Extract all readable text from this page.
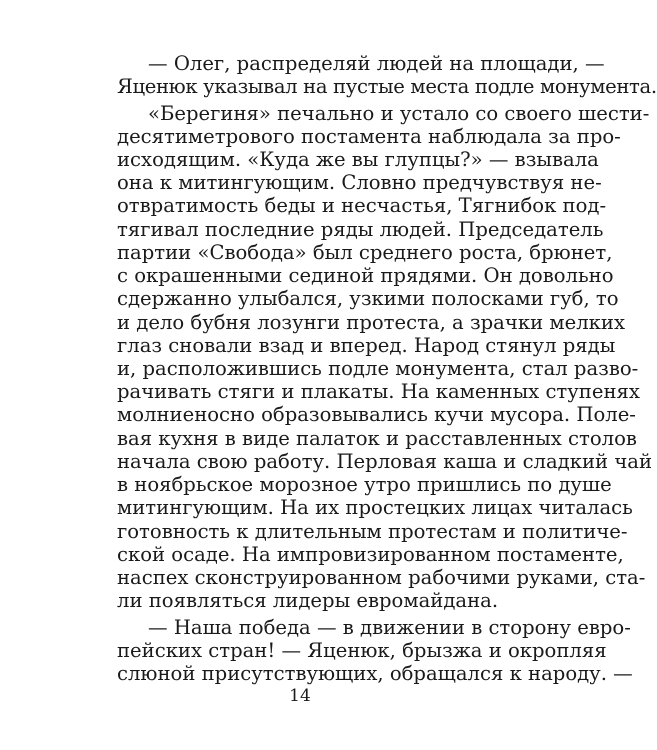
— Олег, распределяй людей на площади, —
Яценюк указывал на пустые места подле монумента.
«Берегиня» печально и устало со своего шести-
десятиметрового постамента наблюдала за про-
исходящим. «Куда же вы глупцы?» — взывала
она к митингующим. Словно предчувствуя не-
отвратимость беды и несчастья, Тягнибок под-
тягивал последние ряды людей. Председатель
партии «Свобода» был среднего роста, брюнет,
с окрашенными сединой прядями. Он довольно
сдержанно улыбался, узкими полосками губ, то
и дело бубня лозунги протеста, а зрачки мелких
глаз сновали взад и вперед. Народ стянул ряды
и, расположившись подле монумента, стал разво-
рачивать стяги и плакаты. На каменных ступенях
молниеносно образовывались кучи мусора. Поле-
вая кухня в виде палаток и расставленных столов
начала свою работу. Перловая каша и сладкий чай
в ноябрьское морозное утро пришлись по душе
митингующим. На их простецких лицах читалась
готовность к длительным протестам и политиче-
ской осаде. На импровизированном постаменте,
наспех сконструированном рабочими руками, ста-
ли появляться лидеры евромайдана.
— Наша победа — в движении в сторону евро-
пейских стран! — Яценюк, брызжа и окропляя
слюной присутствующих, обращался к народу. —
14
